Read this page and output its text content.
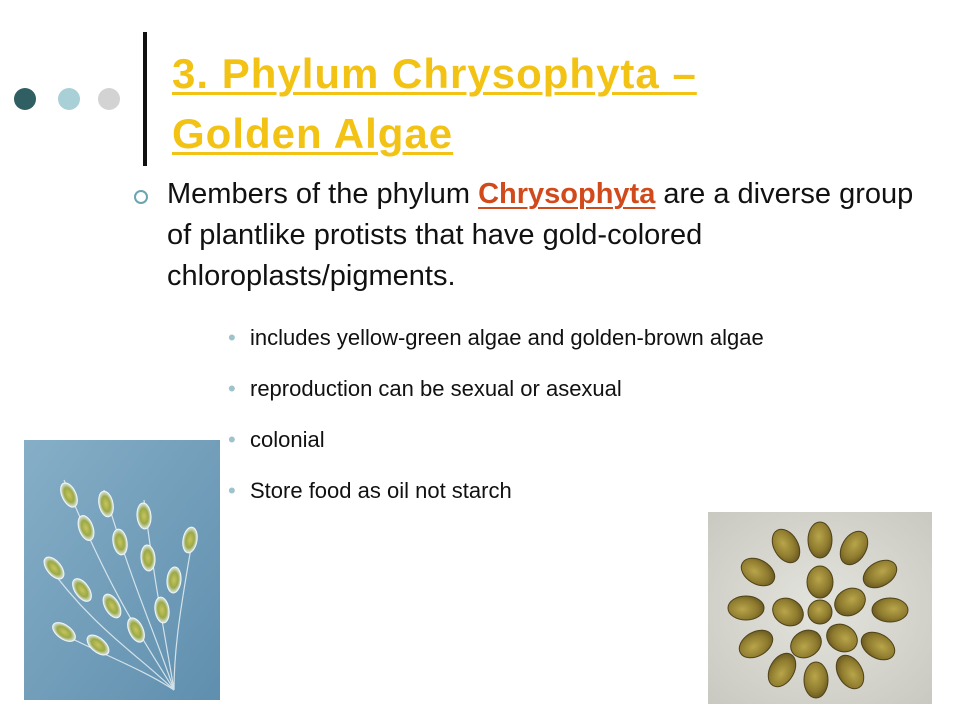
3. Phylum Chrysophyta –
Golden Algae

Members of the phylum Chrysophyta are a diverse group of plantlike protists that have gold-colored chloroplasts/pigments.

• includes yellow-green algae and golden-brown algae
• reproduction can be sexual or asexual
• colonial
• Store food as oil not starch
